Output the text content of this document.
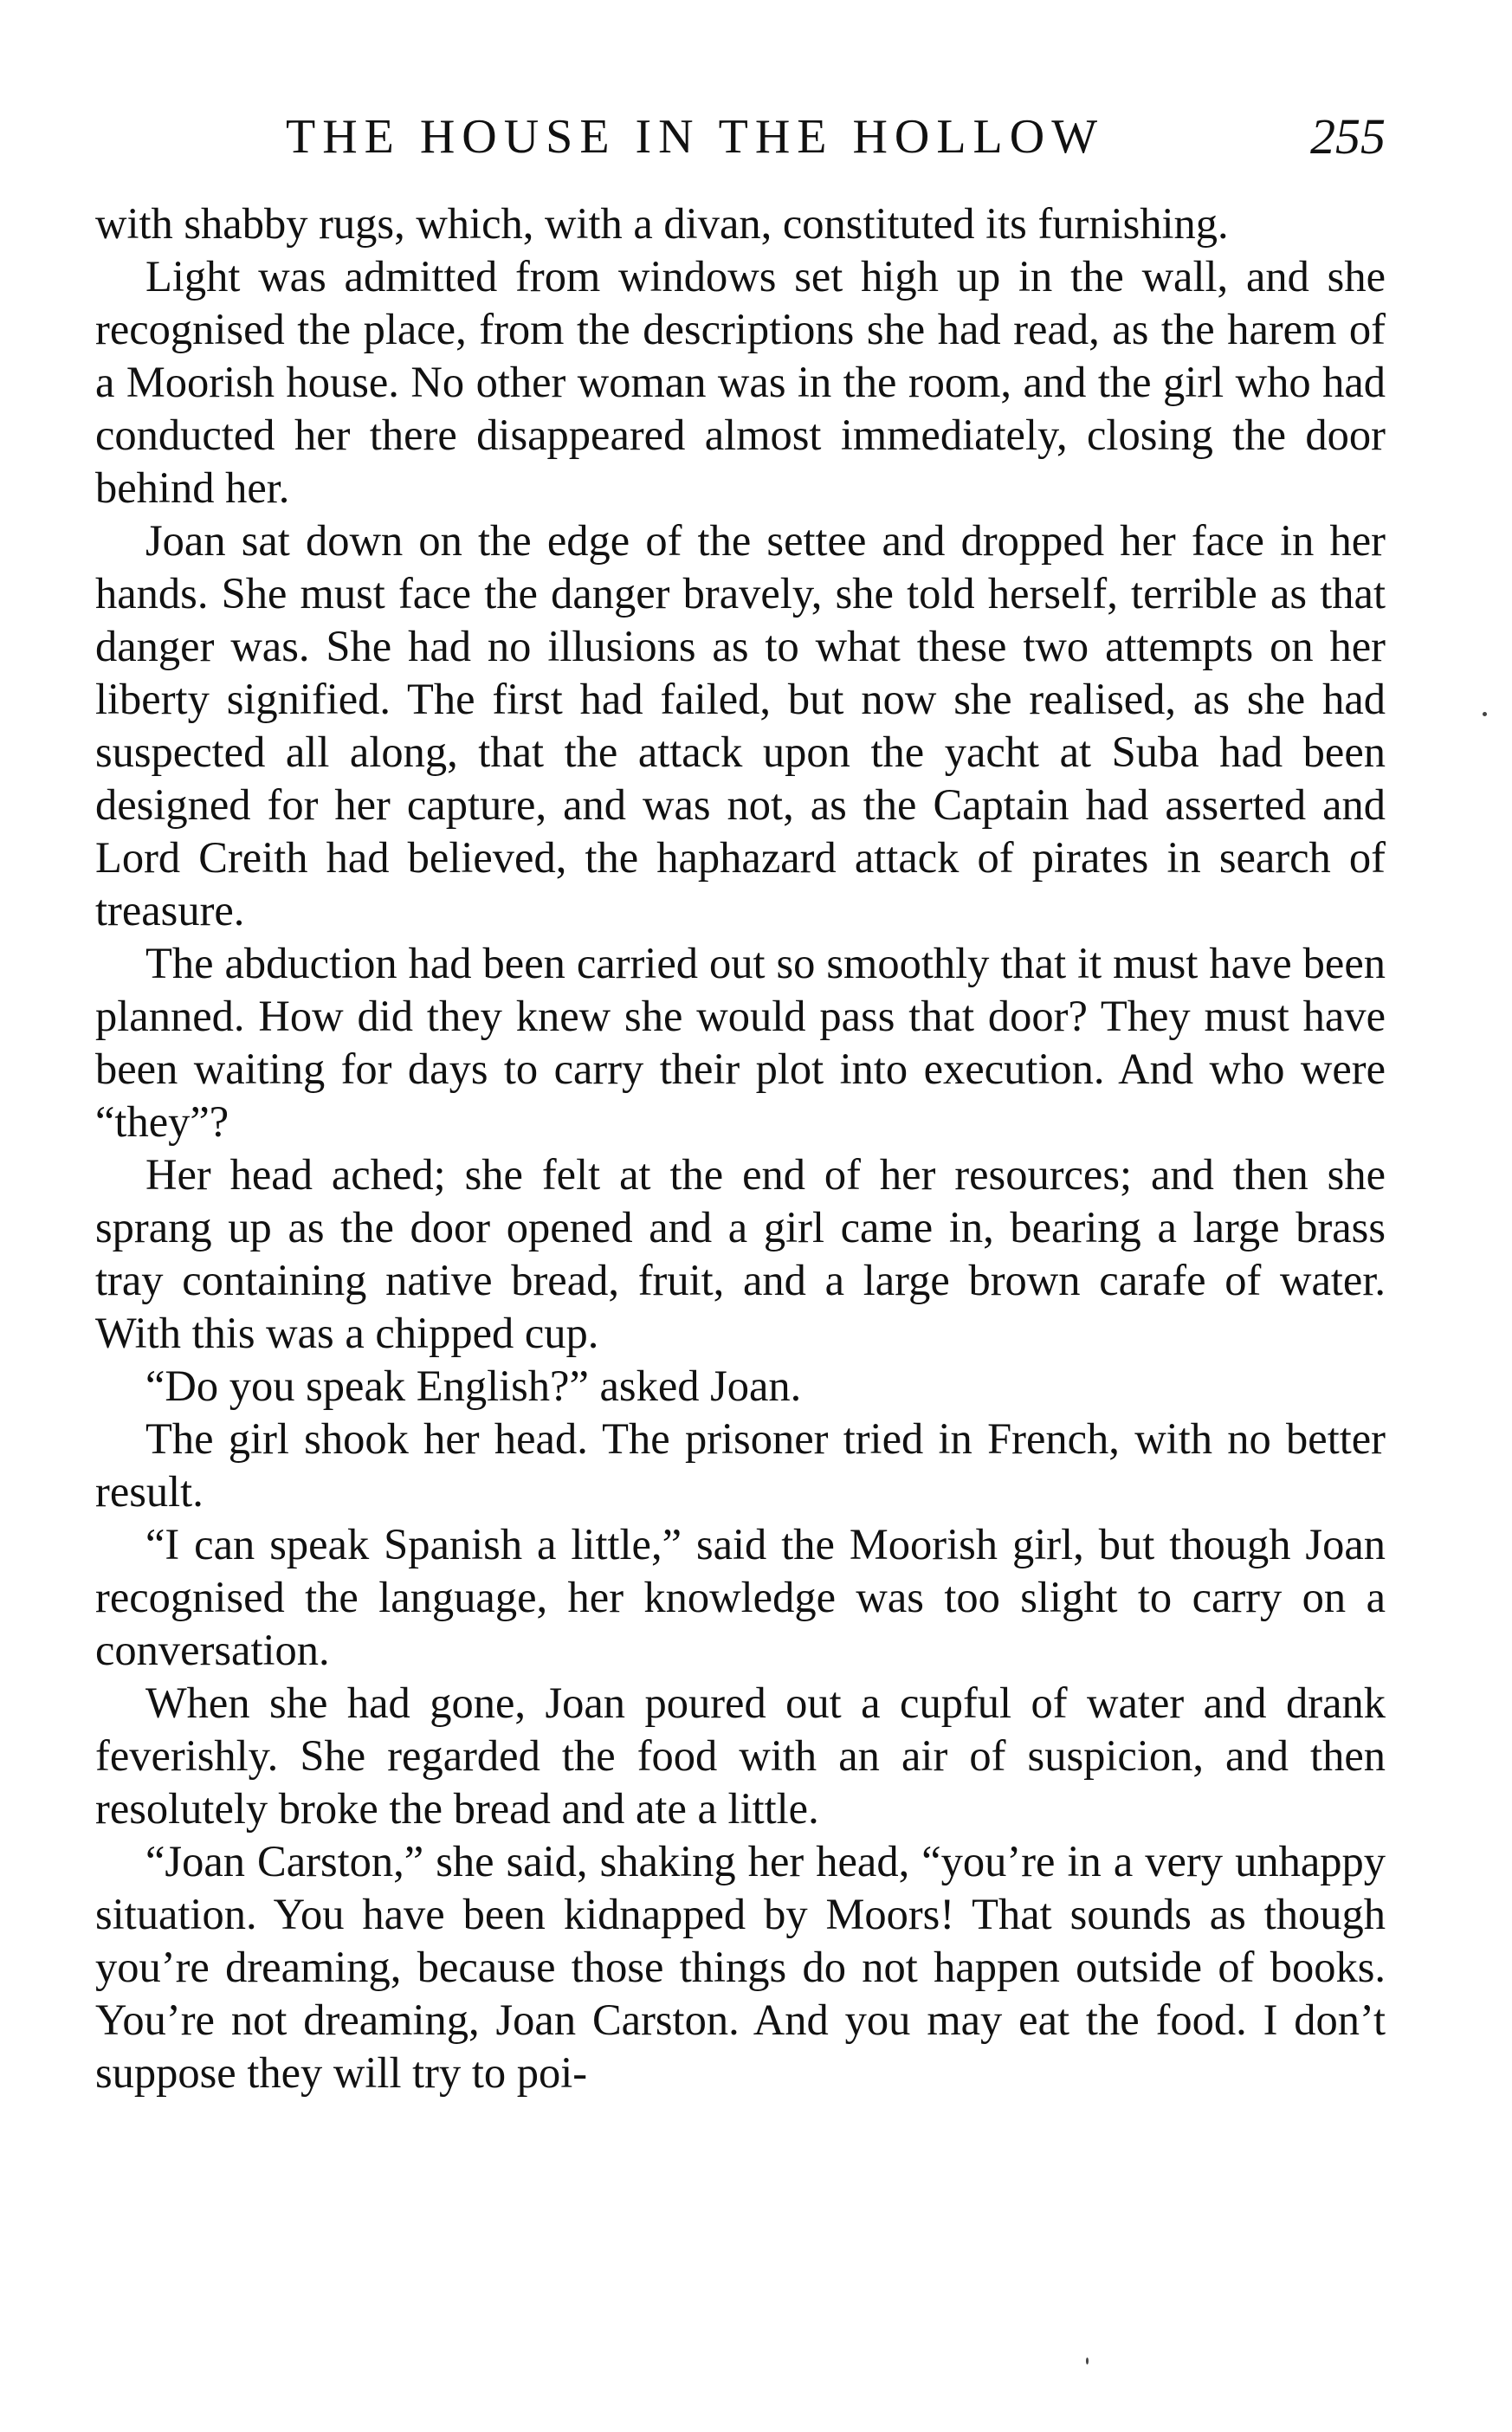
THE HOUSE IN THE HOLLOW	255

with shabby rugs, which, with a divan, constituted its furnishing.

Light was admitted from windows set high up in the wall, and she recognised the place, from the descriptions she had read, as the harem of a Moorish house. No other woman was in the room, and the girl who had conducted her there disappeared almost immediately, closing the door behind her.

Joan sat down on the edge of the settee and dropped her face in her hands. She must face the danger bravely, she told herself, terrible as that danger was. She had no illusions as to what these two attempts on her liberty signified. The first had failed, but now she realised, as she had suspected all along, that the attack upon the yacht at Suba had been designed for her capture, and was not, as the Captain had asserted and Lord Creith had believed, the haphazard attack of pirates in search of treasure.

The abduction had been carried out so smoothly that it must have been planned. How did they knew she would pass that door? They must have been waiting for days to carry their plot into execution. And who were “they”?

Her head ached; she felt at the end of her resources; and then she sprang up as the door opened and a girl came in, bearing a large brass tray containing native bread, fruit, and a large brown carafe of water. With this was a chipped cup.

“Do you speak English?” asked Joan.

The girl shook her head. The prisoner tried in French, with no better result.

“I can speak Spanish a little,” said the Moorish girl, but though Joan recognised the language, her knowledge was too slight to carry on a conversation.

When she had gone, Joan poured out a cupful of water and drank feverishly. She regarded the food with an air of suspicion, and then resolutely broke the bread and ate a little.

“Joan Carston,” she said, shaking her head, “you’re in a very unhappy situation. You have been kidnapped by Moors! That sounds as though you’re dreaming, because those things do not happen outside of books. You’re not dreaming, Joan Carston. And you may eat the food. I don’t suppose they will try to poi-
